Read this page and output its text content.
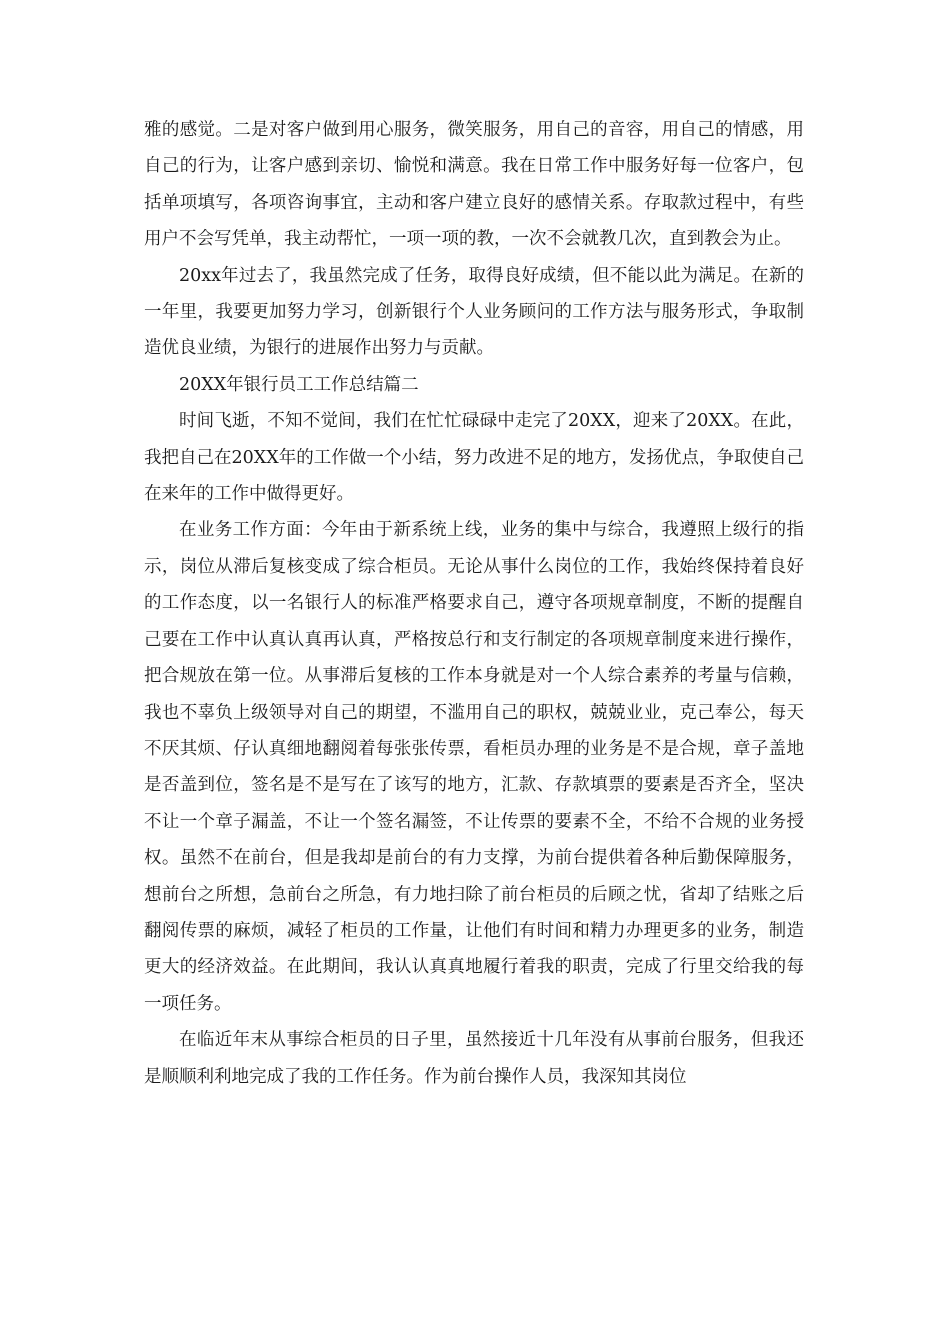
雅的感觉。二是对客户做到用心服务，微笑服务，用自己的音容，用自己的情感，用自己的行为，让客户感到亲切、愉悦和满意。我在日常工作中服务好每一位客户，包括单项填写，各项咨询事宜，主动和客户建立良好的感情关系。存取款过程中，有些用户不会写凭单，我主动帮忙，一项一项的教，一次不会就教几次，直到教会为止。

20xx年过去了，我虽然完成了任务，取得良好成绩，但不能以此为满足。在新的一年里，我要更加努力学习，创新银行个人业务顾问的工作方法与服务形式，争取制造优良业绩，为银行的进展作出努力与贡献。

20XX年银行员工工作总结篇二

时间飞逝，不知不觉间，我们在忙忙碌碌中走完了20XX，迎来了20XX。在此，我把自己在20XX年的工作做一个小结，努力改进不足的地方，发扬优点，争取使自己在来年的工作中做得更好。

在业务工作方面：今年由于新系统上线，业务的集中与综合，我遵照上级行的指示，岗位从滞后复核变成了综合柜员。无论从事什么岗位的工作，我始终保持着良好的工作态度，以一名银行人的标准严格要求自己，遵守各项规章制度，不断的提醒自己要在工作中认真认真再认真，严格按总行和支行制定的各项规章制度来进行操作，把合规放在第一位。从事滞后复核的工作本身就是对一个人综合素养的考量与信赖，我也不辜负上级领导对自己的期望，不滥用自己的职权，兢兢业业，克己奉公，每天不厌其烦、仔认真细地翻阅着每张张传票，看柜员办理的业务是不是合规，章子盖地是否盖到位，签名是不是写在了该写的地方，汇款、存款填票的要素是否齐全，坚决不让一个章子漏盖，不让一个签名漏签，不让传票的要素不全，不给不合规的业务授权。虽然不在前台，但是我却是前台的有力支撑，为前台提供着各种后勤保障服务，想前台之所想，急前台之所急，有力地扫除了前台柜员的后顾之忧，省却了结账之后翻阅传票的麻烦，减轻了柜员的工作量，让他们有时间和精力办理更多的业务，制造更大的经济效益。在此期间，我认认真真地履行着我的职责，完成了行里交给我的每一项任务。

在临近年末从事综合柜员的日子里，虽然接近十几年没有从事前台服务，但我还是顺顺利利地完成了我的工作任务。作为前台操作人员，我深知其岗位
